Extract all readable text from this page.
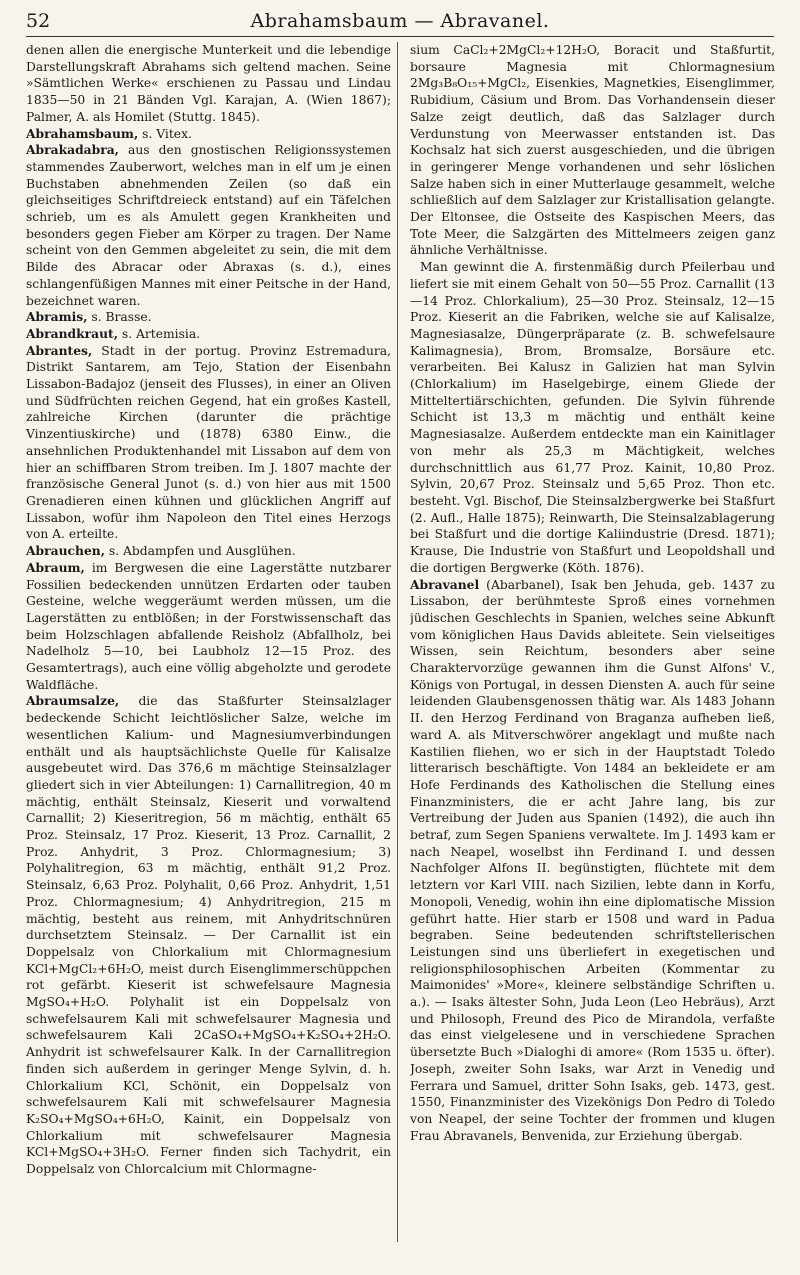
52	Abrahamsbaum — Abravanel.

denen allen die energische Munterkeit und die lebendige Darstellungskraft Abrahams sich geltend machen. Seine »Sämtlichen Werke« erschienen zu Passau und Lindau 1835—50 in 21 Bänden Vgl. Karajan, A. (Wien 1867); Palmer, A. als Homilet (Stuttg. 1845).

Abrahamsbaum, s. Vitex.

Abrakadabra, aus den gnostischen Religionssystemen stammendes Zauberwort, welches man in elf um je einen Buchstaben abnehmenden Zeilen (so daß ein gleichseitiges Schriftdreieck entstand) auf ein Täfelchen schrieb, um es als Amulett gegen Krankheiten und besonders gegen Fieber am Körper zu tragen. Der Name scheint von den Gemmen abgeleitet zu sein, die mit dem Bilde des Abracar oder Abraxas (s. d.), eines schlangenfüßigen Mannes mit einer Peitsche in der Hand, bezeichnet waren.

Abramis, s. Brasse.

Abrandkraut, s. Artemisia.

Abrantes, Stadt in der portug. Provinz Estremadura, Distrikt Santarem, am Tejo, Station der Eisenbahn Lissabon-Badajoz (jenseit des Flusses), in einer an Oliven und Südfrüchten reichen Gegend, hat ein großes Kastell, zahlreiche Kirchen (darunter die prächtige Vinzentiuskirche) und (1878) 6380 Einw., die ansehnlichen Produktenhandel mit Lissabon auf dem von hier an schiffbaren Strom treiben. Im J. 1807 machte der französische General Junot (s. d.) von hier aus mit 1500 Grenadieren einen kühnen und glücklichen Angriff auf Lissabon, wofür ihm Napoleon den Titel eines Herzogs von A. erteilte.

Abrauchen, s. Abdampfen und Ausglühen.

Abraum, im Bergwesen die eine Lagerstätte nutzbarer Fossilien bedeckenden unnützen Erdarten oder tauben Gesteine, welche weggeräumt werden müssen, um die Lagerstätten zu entblößen; in der Forstwissenschaft das beim Holzschlagen abfallende Reisholz (Abfallholz, bei Nadelholz 5—10, bei Laubholz 12—15 Proz. des Gesamtertrags), auch eine völlig abgeholzte und gerodete Waldfläche.

Abraumsalze, die das Staßfurter Steinsalzlager bedeckende Schicht leichtlöslicher Salze, welche im wesentlichen Kalium- und Magnesiumverbindungen enthält und als hauptsächlichste Quelle für Kalisalze ausgebeutet wird. Das 376,6 m mächtige Steinsalzlager gliedert sich in vier Abteilungen: 1) Carnallitregion, 40 m mächtig, enthält Steinsalz, Kieserit und vorwaltend Carnallit; 2) Kieseritregion, 56 m mächtig, enthält 65 Proz. Steinsalz, 17 Proz. Kieserit, 13 Proz. Carnallit, 2 Proz. Anhydrit, 3 Proz. Chlormagnesium; 3) Polyhalitregion, 63 m mächtig, enthält 91,2 Proz. Steinsalz, 6,63 Proz. Polyhalit, 0,66 Proz. Anhydrit, 1,51 Proz. Chlormagnesium; 4) Anhydritregion, 215 m mächtig, besteht aus reinem, mit Anhydritschnüren durchsetztem Steinsalz. — Der Carnallit ist ein Doppelsalz von Chlorkalium mit Chlormagnesium KCl+MgCl₂+6H₂O, meist durch Eisenglimmerschüppchen rot gefärbt. Kieserit ist schwefelsaure Magnesia MgSO₄+H₂O. Polyhalit ist ein Doppelsalz von schwefelsaurem Kali mit schwefelsaurer Magnesia und schwefelsaurem Kali 2CaSO₄+MgSO₄+K₂SO₄+2H₂O. Anhydrit ist schwefelsaurer Kalk. In der Carnallitregion finden sich außerdem in geringer Menge Sylvin, d. h. Chlorkalium KCl, Schönit, ein Doppelsalz von schwefelsaurem Kali mit schwefelsaurer Magnesia K₂SO₄+MgSO₄+6H₂O, Kainit, ein Doppelsalz von Chlorkalium mit schwefelsaurer Magnesia KCl+MgSO₄+3H₂O. Ferner finden sich Tachydrit, ein Doppelsalz von Chlorcalcium mit Chlormagne-

sium CaCl₂+2MgCl₂+12H₂O, Boracit und Staßfurtit, borsaure Magnesia mit Chlormagnesium 2Mg₃B₈O₁₅+MgCl₂, Eisenkies, Magnetkies, Eisenglimmer, Rubidium, Cäsium und Brom. Das Vorhandensein dieser Salze zeigt deutlich, daß das Salzlager durch Verdunstung von Meerwasser entstanden ist. Das Kochsalz hat sich zuerst ausgeschieden, und die übrigen in geringerer Menge vorhandenen und sehr löslichen Salze haben sich in einer Mutterlauge gesammelt, welche schließlich auf dem Salzlager zur Kristallisation gelangte. Der Eltonsee, die Ostseite des Kaspischen Meers, das Tote Meer, die Salzgärten des Mittelmeers zeigen ganz ähnliche Verhältnisse.

Man gewinnt die A. firstenmäßig durch Pfeilerbau und liefert sie mit einem Gehalt von 50—55 Proz. Carnallit (13—14 Proz. Chlorkalium), 25—30 Proz. Steinsalz, 12—15 Proz. Kieserit an die Fabriken, welche sie auf Kalisalze, Magnesiasalze, Düngerpräparate (z. B. schwefelsaure Kalimagnesia), Brom, Bromsalze, Borsäure etc. verarbeiten. Bei Kalusz in Galizien hat man Sylvin (Chlorkalium) im Haselgebirge, einem Gliede der Mitteltertiärschichten, gefunden. Die Sylvin führende Schicht ist 13,3 m mächtig und enthält keine Magnesiasalze. Außerdem entdeckte man ein Kainitlager von mehr als 25,3 m Mächtigkeit, welches durchschnittlich aus 61,77 Proz. Kainit, 10,80 Proz. Sylvin, 20,67 Proz. Steinsalz und 5,65 Proz. Thon etc. besteht. Vgl. Bischof, Die Steinsalzbergwerke bei Staßfurt (2. Aufl., Halle 1875); Reinwarth, Die Steinsalzablagerung bei Staßfurt und die dortige Kaliindustrie (Dresd. 1871); Krause, Die Industrie von Staßfurt und Leopoldshall und die dortigen Bergwerke (Köth. 1876).

Abravanel (Abarbanel), Isak ben Jehuda, geb. 1437 zu Lissabon, der berühmteste Sproß eines vornehmen jüdischen Geschlechts in Spanien, welches seine Abkunft vom königlichen Haus Davids ableitete. Sein vielseitiges Wissen, sein Reichtum, besonders aber seine Charaktervorzüge gewannen ihm die Gunst Alfons' V., Königs von Portugal, in dessen Diensten A. auch für seine leidenden Glaubensgenossen thätig war. Als 1483 Johann II. den Herzog Ferdinand von Braganza aufheben ließ, ward A. als Mitverschwörer angeklagt und mußte nach Kastilien fliehen, wo er sich in der Hauptstadt Toledo litterarisch beschäftigte. Von 1484 an bekleidete er am Hofe Ferdinands des Katholischen die Stellung eines Finanzministers, die er acht Jahre lang, bis zur Vertreibung der Juden aus Spanien (1492), die auch ihn betraf, zum Segen Spaniens verwaltete. Im J. 1493 kam er nach Neapel, woselbst ihn Ferdinand I. und dessen Nachfolger Alfons II. begünstigten, flüchtete mit dem letztern vor Karl VIII. nach Sizilien, lebte dann in Korfu, Monopoli, Venedig, wohin ihn eine diplomatische Mission geführt hatte. Hier starb er 1508 und ward in Padua begraben. Seine bedeutenden schriftstellerischen Leistungen sind uns überliefert in exegetischen und religionsphilosophischen Arbeiten (Kommentar zu Maimonides' »More«, kleinere selbständige Schriften u. a.). — Isaks ältester Sohn, Juda Leon (Leo Hebräus), Arzt und Philosoph, Freund des Pico de Mirandola, verfaßte das einst vielgelesene und in verschiedene Sprachen übersetzte Buch »Dialoghi di amore« (Rom 1535 u. öfter). Joseph, zweiter Sohn Isaks, war Arzt in Venedig und Ferrara und Samuel, dritter Sohn Isaks, geb. 1473, gest. 1550, Finanzminister des Vizekönigs Don Pedro di Toledo von Neapel, der seine Tochter der frommen und klugen Frau Abravanels, Benvenida, zur Erziehung übergab.
